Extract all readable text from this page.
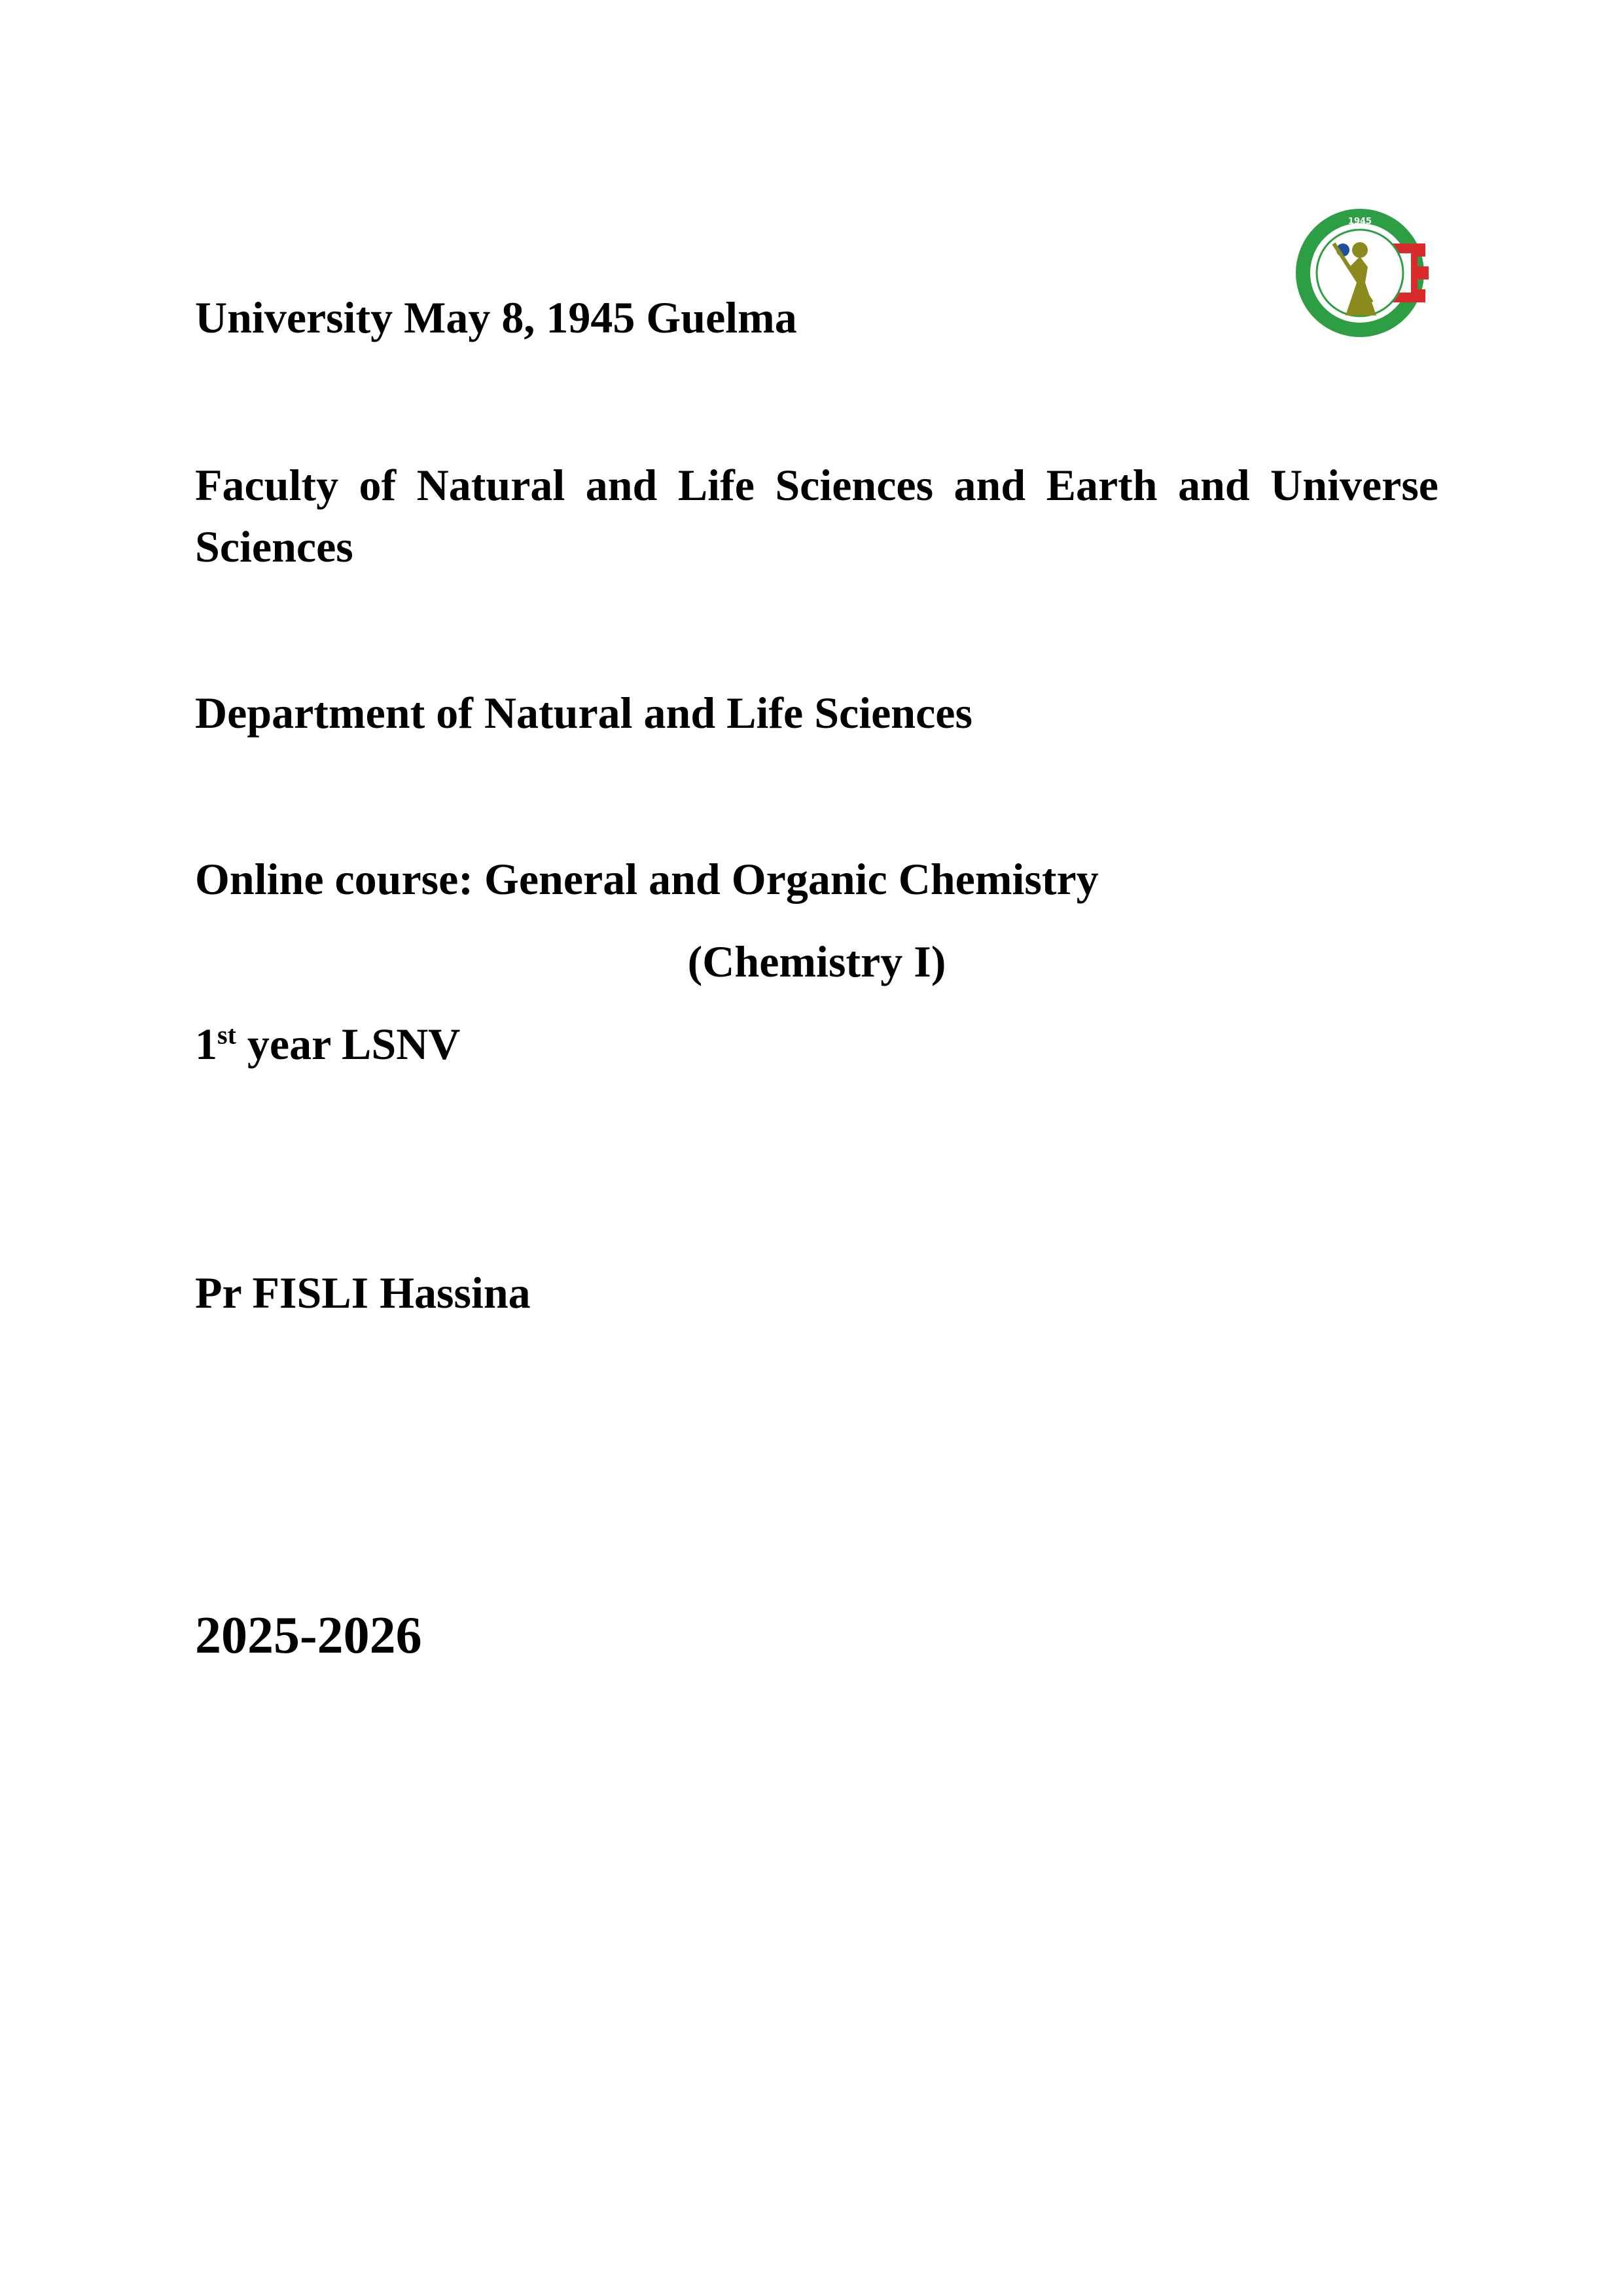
1945
University May 8, 1945 Guelma
Faculty of Natural and Life Sciences and Earth and Universe Sciences
Department of Natural and Life Sciences
Online course: General and Organic Chemistry
(Chemistry I)
1st year LSNV
Pr FISLI Hassina
2025-2026
